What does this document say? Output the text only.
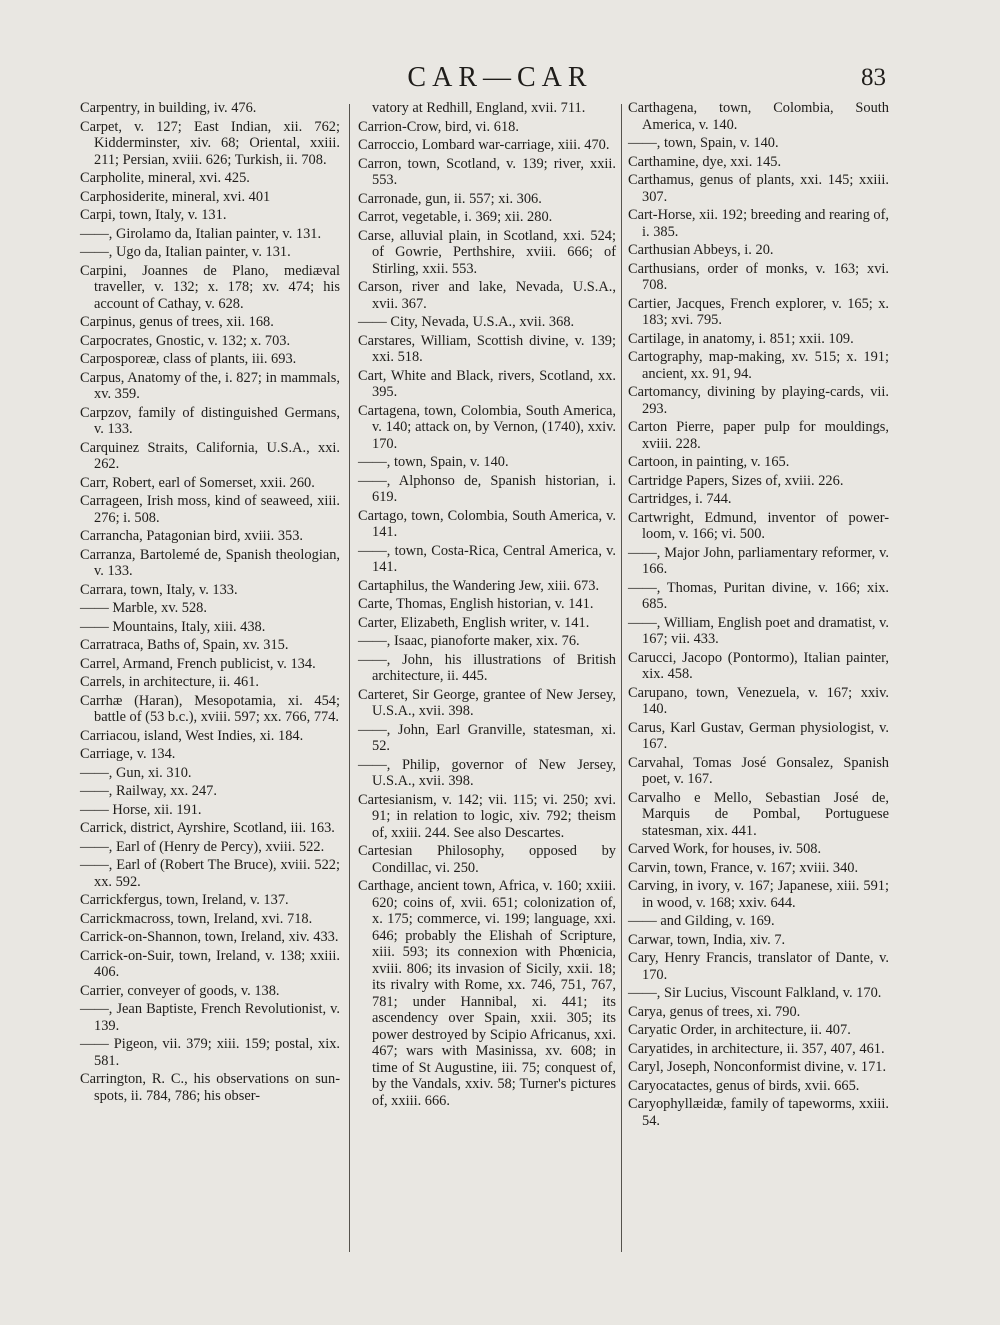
CAR—CAR	83

Carpentry, in building, iv. 476.

Carpet, v. 127; East Indian, xii. 762; Kidderminster, xiv. 68; Oriental, xxiii. 211; Persian, xviii. 626; Turkish, ii. 708.

Carpholite, mineral, xvi. 425.

Carphosiderite, mineral, xvi. 401

Carpi, town, Italy, v. 131.

——, Girolamo da, Italian painter, v. 131.

——, Ugo da, Italian painter, v. 131.

Carpini, Joannes de Plano, mediæval traveller, v. 132; x. 178; xv. 474; his account of Cathay, v. 628.

Carpinus, genus of trees, xii. 168.

Carpocrates, Gnostic, v. 132; x. 703.

Carposporeæ, class of plants, iii. 693.

Carpus, Anatomy of the, i. 827; in mammals, xv. 359.

Carpzov, family of distinguished Germans, v. 133.

Carquinez Straits, California, U.S.A., xxi. 262.

Carr, Robert, earl of Somerset, xxii. 260.

Carrageen, Irish moss, kind of seaweed, xiii. 276; i. 508.

Carrancha, Patagonian bird, xviii. 353.

Carranza, Bartolemé de, Spanish theologian, v. 133.

Carrara, town, Italy, v. 133.

—— Marble, xv. 528.

—— Mountains, Italy, xiii. 438.

Carratraca, Baths of, Spain, xv. 315.

Carrel, Armand, French publicist, v. 134.

Carrels, in architecture, ii. 461.

Carrhæ (Haran), Mesopotamia, xi. 454; battle of (53 b.c.), xviii. 597; xx. 766, 774.

Carriacou, island, West Indies, xi. 184.

Carriage, v. 134.

——, Gun, xi. 310.

——, Railway, xx. 247.

—— Horse, xii. 191.

Carrick, district, Ayrshire, Scotland, iii. 163.

——, Earl of (Henry de Percy), xviii. 522.

——, Earl of (Robert The Bruce), xviii. 522; xx. 592.

Carrickfergus, town, Ireland, v. 137.

Carrickmacross, town, Ireland, xvi. 718.

Carrick-on-Shannon, town, Ireland, xiv. 433.

Carrick-on-Suir, town, Ireland, v. 138; xxiii. 406.

Carrier, conveyer of goods, v. 138.

——, Jean Baptiste, French Revolutionist, v. 139.

—— Pigeon, vii. 379; xiii. 159; postal, xix. 581.

Carrington, R. C., his observations on sun-spots, ii. 784, 786; his obser-

vatory at Redhill, England, xvii. 711.

Carrion-Crow, bird, vi. 618.

Carroccio, Lombard war-carriage, xiii. 470.

Carron, town, Scotland, v. 139; river, xxii. 553.

Carronade, gun, ii. 557; xi. 306.

Carrot, vegetable, i. 369; xii. 280.

Carse, alluvial plain, in Scotland, xxi. 524; of Gowrie, Perthshire, xviii. 666; of Stirling, xxii. 553.

Carson, river and lake, Nevada, U.S.A., xvii. 367.

—— City, Nevada, U.S.A., xvii. 368.

Carstares, William, Scottish divine, v. 139; xxi. 518.

Cart, White and Black, rivers, Scotland, xx. 395.

Cartagena, town, Colombia, South America, v. 140; attack on, by Vernon, (1740), xxiv. 170.

——, town, Spain, v. 140.

——, Alphonso de, Spanish historian, i. 619.

Cartago, town, Colombia, South America, v. 141.

——, town, Costa-Rica, Central America, v. 141.

Cartaphilus, the Wandering Jew, xiii. 673.

Carte, Thomas, English historian, v. 141.

Carter, Elizabeth, English writer, v. 141.

——, Isaac, pianoforte maker, xix. 76.

——, John, his illustrations of British architecture, ii. 445.

Carteret, Sir George, grantee of New Jersey, U.S.A., xvii. 398.

——, John, Earl Granville, statesman, xi. 52.

——, Philip, governor of New Jersey, U.S.A., xvii. 398.

Cartesianism, v. 142; vii. 115; vi. 250; xvi. 91; in relation to logic, xiv. 792; theism of, xxiii. 244. See also Descartes.

Cartesian Philosophy, opposed by Condillac, vi. 250.

Carthage, ancient town, Africa, v. 160; xxiii. 620; coins of, xvii. 651; colonization of, x. 175; commerce, vi. 199; language, xxi. 646; probably the Elishah of Scripture, xiii. 593; its connexion with Phœnicia, xviii. 806; its invasion of Sicily, xxii. 18; its rivalry with Rome, xx. 746, 751, 767, 781; under Hannibal, xi. 441; its ascendency over Spain, xxii. 305; its power destroyed by Scipio Africanus, xxi. 467; wars with Masinissa, xv. 608; in time of St Augustine, iii. 75; conquest of, by the Vandals, xxiv. 58; Turner's pictures of, xxiii. 666.

Carthagena, town, Colombia, South America, v. 140.

——, town, Spain, v. 140.

Carthamine, dye, xxi. 145.

Carthamus, genus of plants, xxi. 145; xxiii. 307.

Cart-Horse, xii. 192; breeding and rearing of, i. 385.

Carthusian Abbeys, i. 20.

Carthusians, order of monks, v. 163; xvi. 708.

Cartier, Jacques, French explorer, v. 165; x. 183; xvi. 795.

Cartilage, in anatomy, i. 851; xxii. 109.

Cartography, map-making, xv. 515; x. 191; ancient, xx. 91, 94.

Cartomancy, divining by playing-cards, vii. 293.

Carton Pierre, paper pulp for mouldings, xviii. 228.

Cartoon, in painting, v. 165.

Cartridge Papers, Sizes of, xviii. 226.

Cartridges, i. 744.

Cartwright, Edmund, inventor of power-loom, v. 166; vi. 500.

——, Major John, parliamentary reformer, v. 166.

——, Thomas, Puritan divine, v. 166; xix. 685.

——, William, English poet and dramatist, v. 167; vii. 433.

Carucci, Jacopo (Pontormo), Italian painter, xix. 458.

Carupano, town, Venezuela, v. 167; xxiv. 140.

Carus, Karl Gustav, German physiologist, v. 167.

Carvahal, Tomas José Gonsalez, Spanish poet, v. 167.

Carvalho e Mello, Sebastian José de, Marquis de Pombal, Portuguese statesman, xix. 441.

Carved Work, for houses, iv. 508.

Carvin, town, France, v. 167; xviii. 340.

Carving, in ivory, v. 167; Japanese, xiii. 591; in wood, v. 168; xxiv. 644.

—— and Gilding, v. 169.

Carwar, town, India, xiv. 7.

Cary, Henry Francis, translator of Dante, v. 170.

——, Sir Lucius, Viscount Falkland, v. 170.

Carya, genus of trees, xi. 790.

Caryatic Order, in architecture, ii. 407.

Caryatides, in architecture, ii. 357, 407, 461.

Caryl, Joseph, Nonconformist divine, v. 171.

Caryocatactes, genus of birds, xvii. 665.

Caryophyllæidæ, family of tapeworms, xxiii. 54.
